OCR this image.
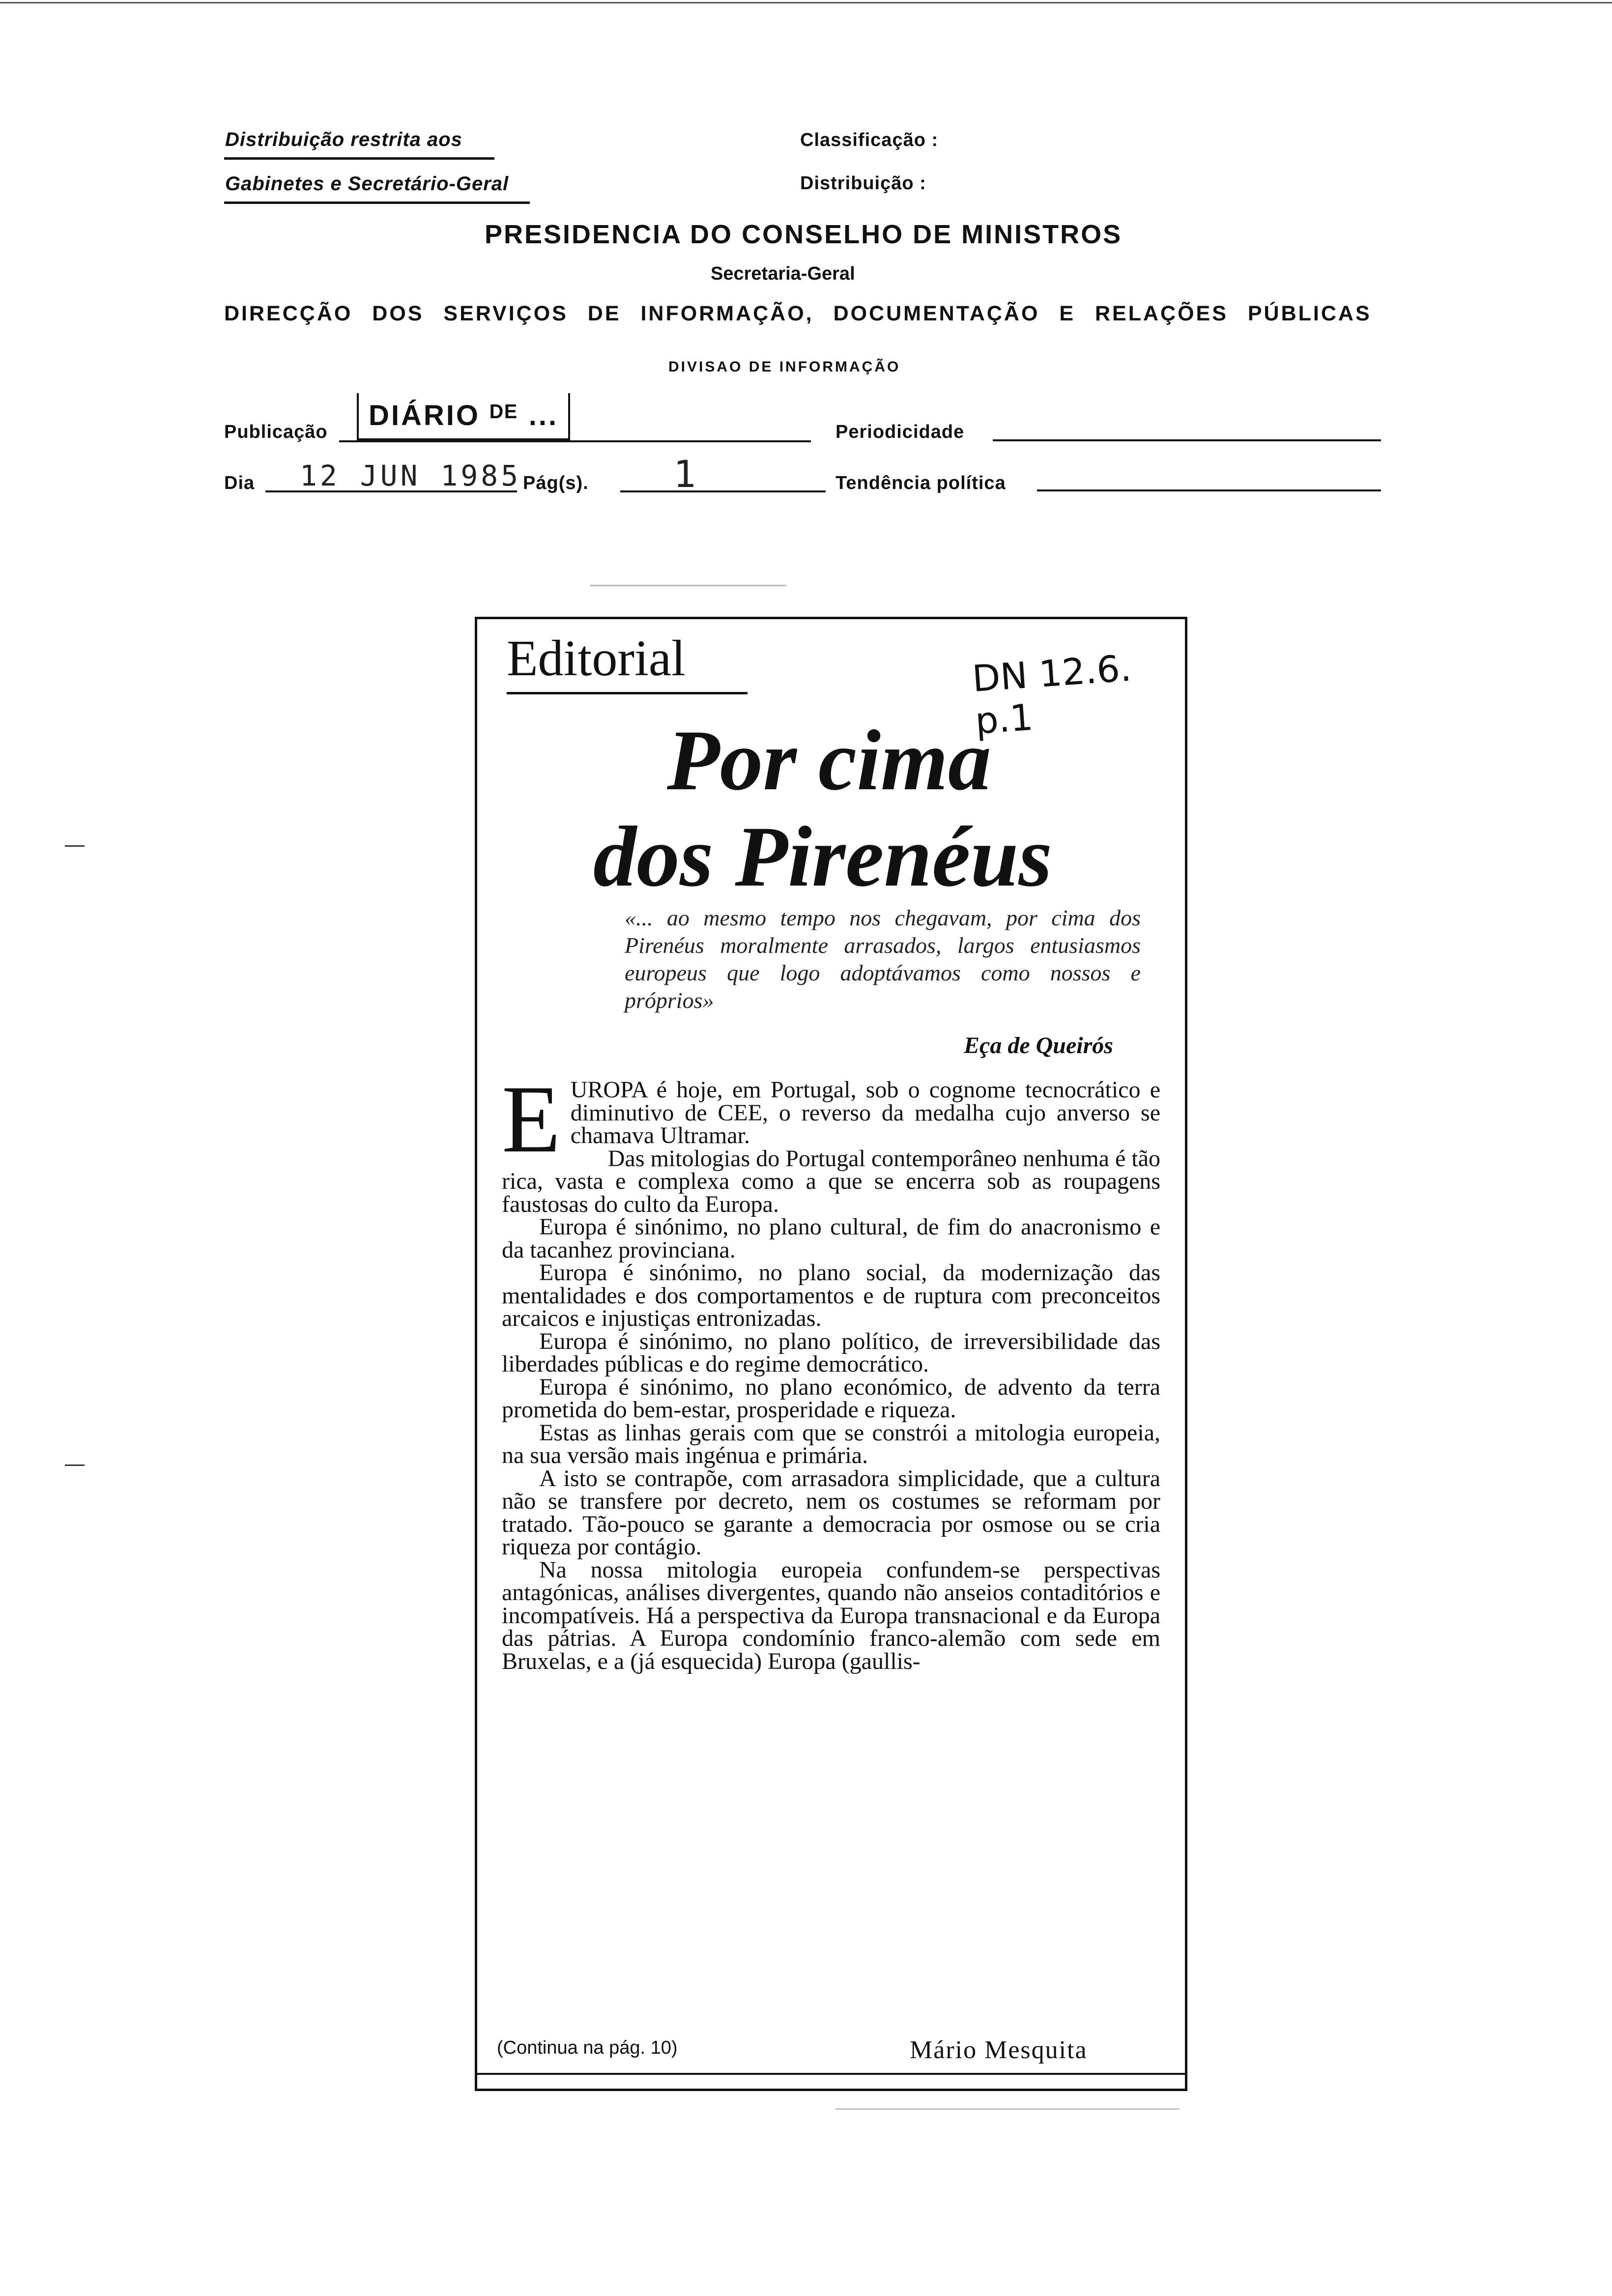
Distribuição restrita aos
Gabinetes e Secretário-Geral
Classificação :
Distribuição :
PRESIDENCIA DO CONSELHO DE MINISTROS
Secretaria-Geral
DIRECÇÃO DOS SERVIÇOS DE INFORMAÇÃO, DOCUMENTAÇÃO E RELAÇÕES PÚBLICAS
DIVISAO DE INFORMAÇÃO
Publicação
DIÁRIO ᴰᴱ ...
Periodicidade
Dia 12 JUN 1985 Pág(s). 1	Tendência política
Editorial	DN 12.6. p.1
Por cima
dos Pirenéus
«... ao mesmo tempo nos chegavam, por cima dos Pirenéus moralmente arrasados, largos entusiasmos europeus que logo adoptávamos como nossos e próprios»
Eça de Queirós
E UROPA é hoje, em Portugal, sob o cognome tecnocrático e diminutivo de CEE, o reverso da medalha cujo anverso se chamava Ultramar.

Das mitologias do Portugal contemporâneo nenhuma é tão rica, vasta e complexa como a que se encerra sob as roupagens faustosas do culto da Europa.

Europa é sinónimo, no plano cultural, de fim do anacronismo e da tacanhez provinciana.

Europa é sinónimo, no plano social, da modernização das mentalidades e dos comportamentos e de ruptura com preconceitos arcaicos e injustiças entronizadas.

Europa é sinónimo, no plano político, de irreversibilidade das liberdades públicas e do regime democrático.

Europa é sinónimo, no plano económico, de advento da terra prometida do bem-estar, prosperidade e riqueza.

Estas as linhas gerais com que se constrói a mitologia europeia, na sua versão mais ingénua e primária.

A isto se contrapõe, com arrasadora simplicidade, que a cultura não se transfere por decreto, nem os costumes se reformam por tratado. Tão-pouco se garante a democracia por osmose ou se cria riqueza por contágio.

Na nossa mitologia europeia confundem-se perspectivas antagónicas, análises divergentes, quando não anseios contaditórios e incompatíveis. Há a perspectiva da Europa transnacional e da Europa das pátrias. A Europa condomínio franco-alemão com sede em Bruxelas, e a (já esquecida) Europa (gaullis-

(Continua na pág. 10)	Mário Mesquita
